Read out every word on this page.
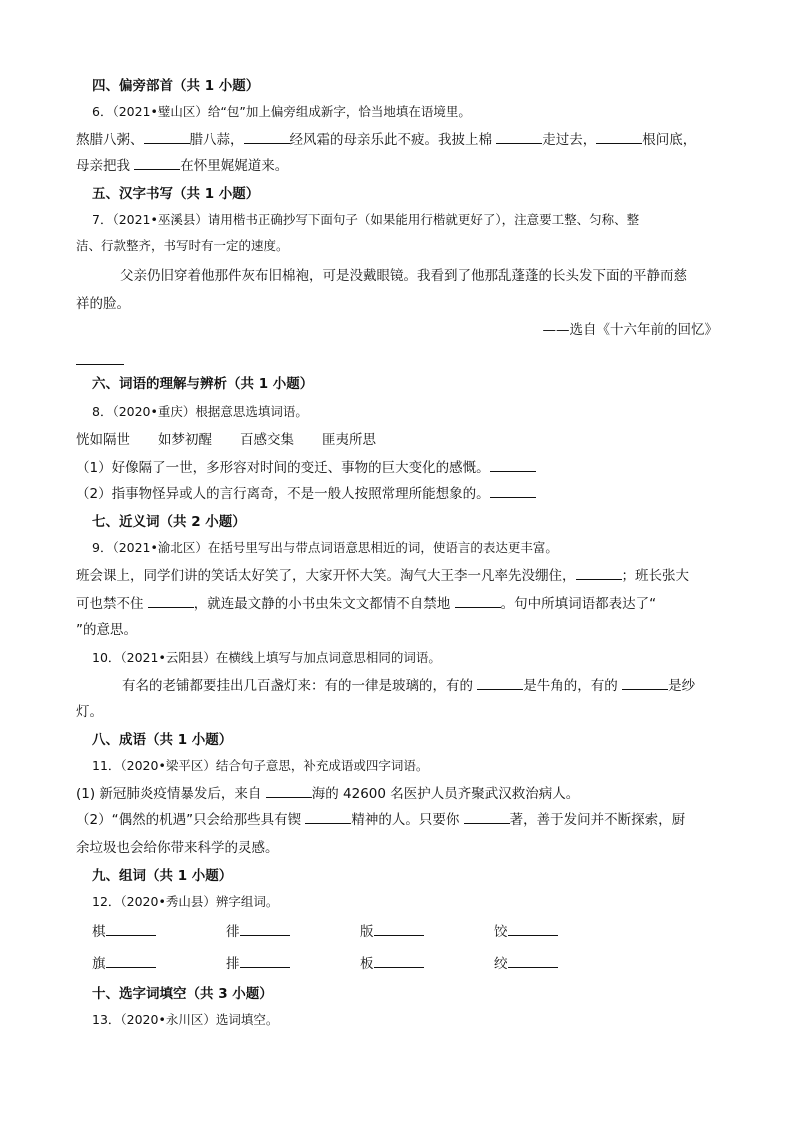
四、偏旁部首（共 1 小题）
6．（2021•璧山区）给“包”加上偏旁组成新字，恰当地填在语境里。
熬腊八粥、	腊八蒜，	经风霜的母亲乐此不疲。我披上棉	走过去，	根问底，
母亲把我	在怀里娓娓道来。
五、汉字书写（共 1 小题）
7．（2021•巫溪县）请用楷书正确抄写下面句子（如果能用行楷就更好了），注意要工整、匀称、整
洁、行款整齐，书写时有一定的速度。
父亲仍旧穿着他那件灰布旧棉袍，可是没戴眼镜。我看到了他那乱蓬蓬的长头发下面的平静而慈
祥的脸。
——选自《十六年前的回忆》
六、词语的理解与辨析（共 1 小题）
8．（2020•重庆）根据意思选填词语。
恍如隔世 如梦初醒 百感交集 匪夷所思
（1）好像隔了一世，多形容对时间的变迁、事物的巨大变化的感慨。
（2）指事物怪异或人的言行离奇，不是一般人按照常理所能想象的。
七、近义词（共 2 小题）
9．（2021•渝北区）在括号里写出与带点词语意思相近的词，使语言的表达更丰富。
班会课上，同学们讲的笑话太好笑了，大家开怀大笑。淘气大王李一凡率先没绷住，	；班长张大
可也禁不住	，就连最文静的小书虫朱文文都情不自禁地	。句中所填词语都表达了“
”的意思。
10．（2021•云阳县）在横线上填写与加点词意思相同的词语。
有名的老铺都要挂出几百盏灯来：有的一律是玻璃的，有的	是牛角的，有的	是纱
灯。
八、成语（共 1 小题）
11．（2020•梁平区）结合句子意思，补充成语或四字词语。
(1) 新冠肺炎疫情暴发后，来自	海的 42600 名医护人员齐聚武汉救治病人。
（2）“偶然的机遇”只会给那些具有锲	精神的人。只要你	著，善于发问并不断探索，厨
余垃圾也会给你带来科学的灵感。
九、组词（共 1 小题）
12．（2020•秀山县）辨字组词。
棋	徘	版	饺
旗	排	板	绞
十、选字词填空（共 3 小题）
13．（2020•永川区）选词填空。
